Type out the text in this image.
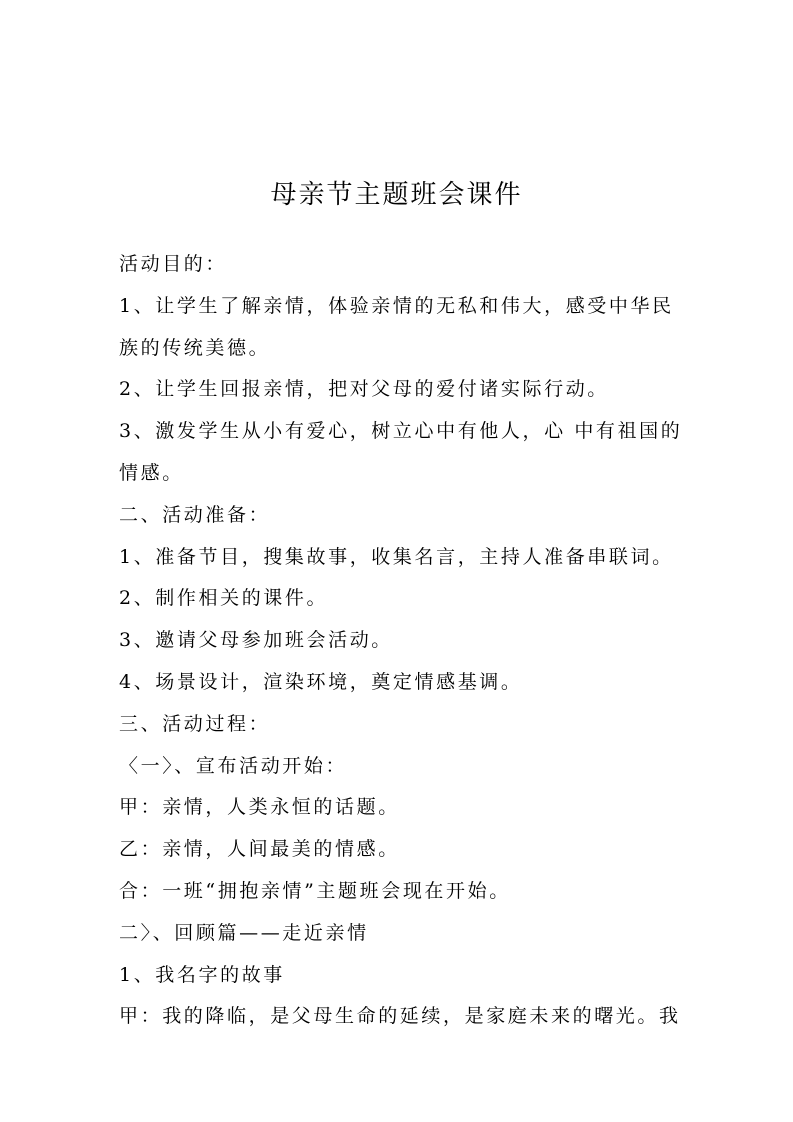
母亲节主题班会课件

活动目的：

1、让学生了解亲情，体验亲情的无私和伟大，感受中华民

族的传统美德。

2、让学生回报亲情，把对父母的爱付诸实际行动。

3、激发学生从小有爱心，树立心中有他人，心 中有祖国的

情感。

二、活动准备：

1、准备节目，搜集故事，收集名言，主持人准备串联词。

2、制作相关的课件。

3、邀请父母参加班会活动。

4、场景设计，渲染环境，奠定情感基调。

三、活动过程：

〈一〉、宣布活动开始：

甲：亲情，人类永恒的话题。

乙：亲情，人间最美的情感。

合：一班“拥抱亲情”主题班会现在开始。

二〉、回顾篇——走近亲情

1、我名字的故事

甲：我的降临，是父母生命的延续，是家庭未来的曙光。我
